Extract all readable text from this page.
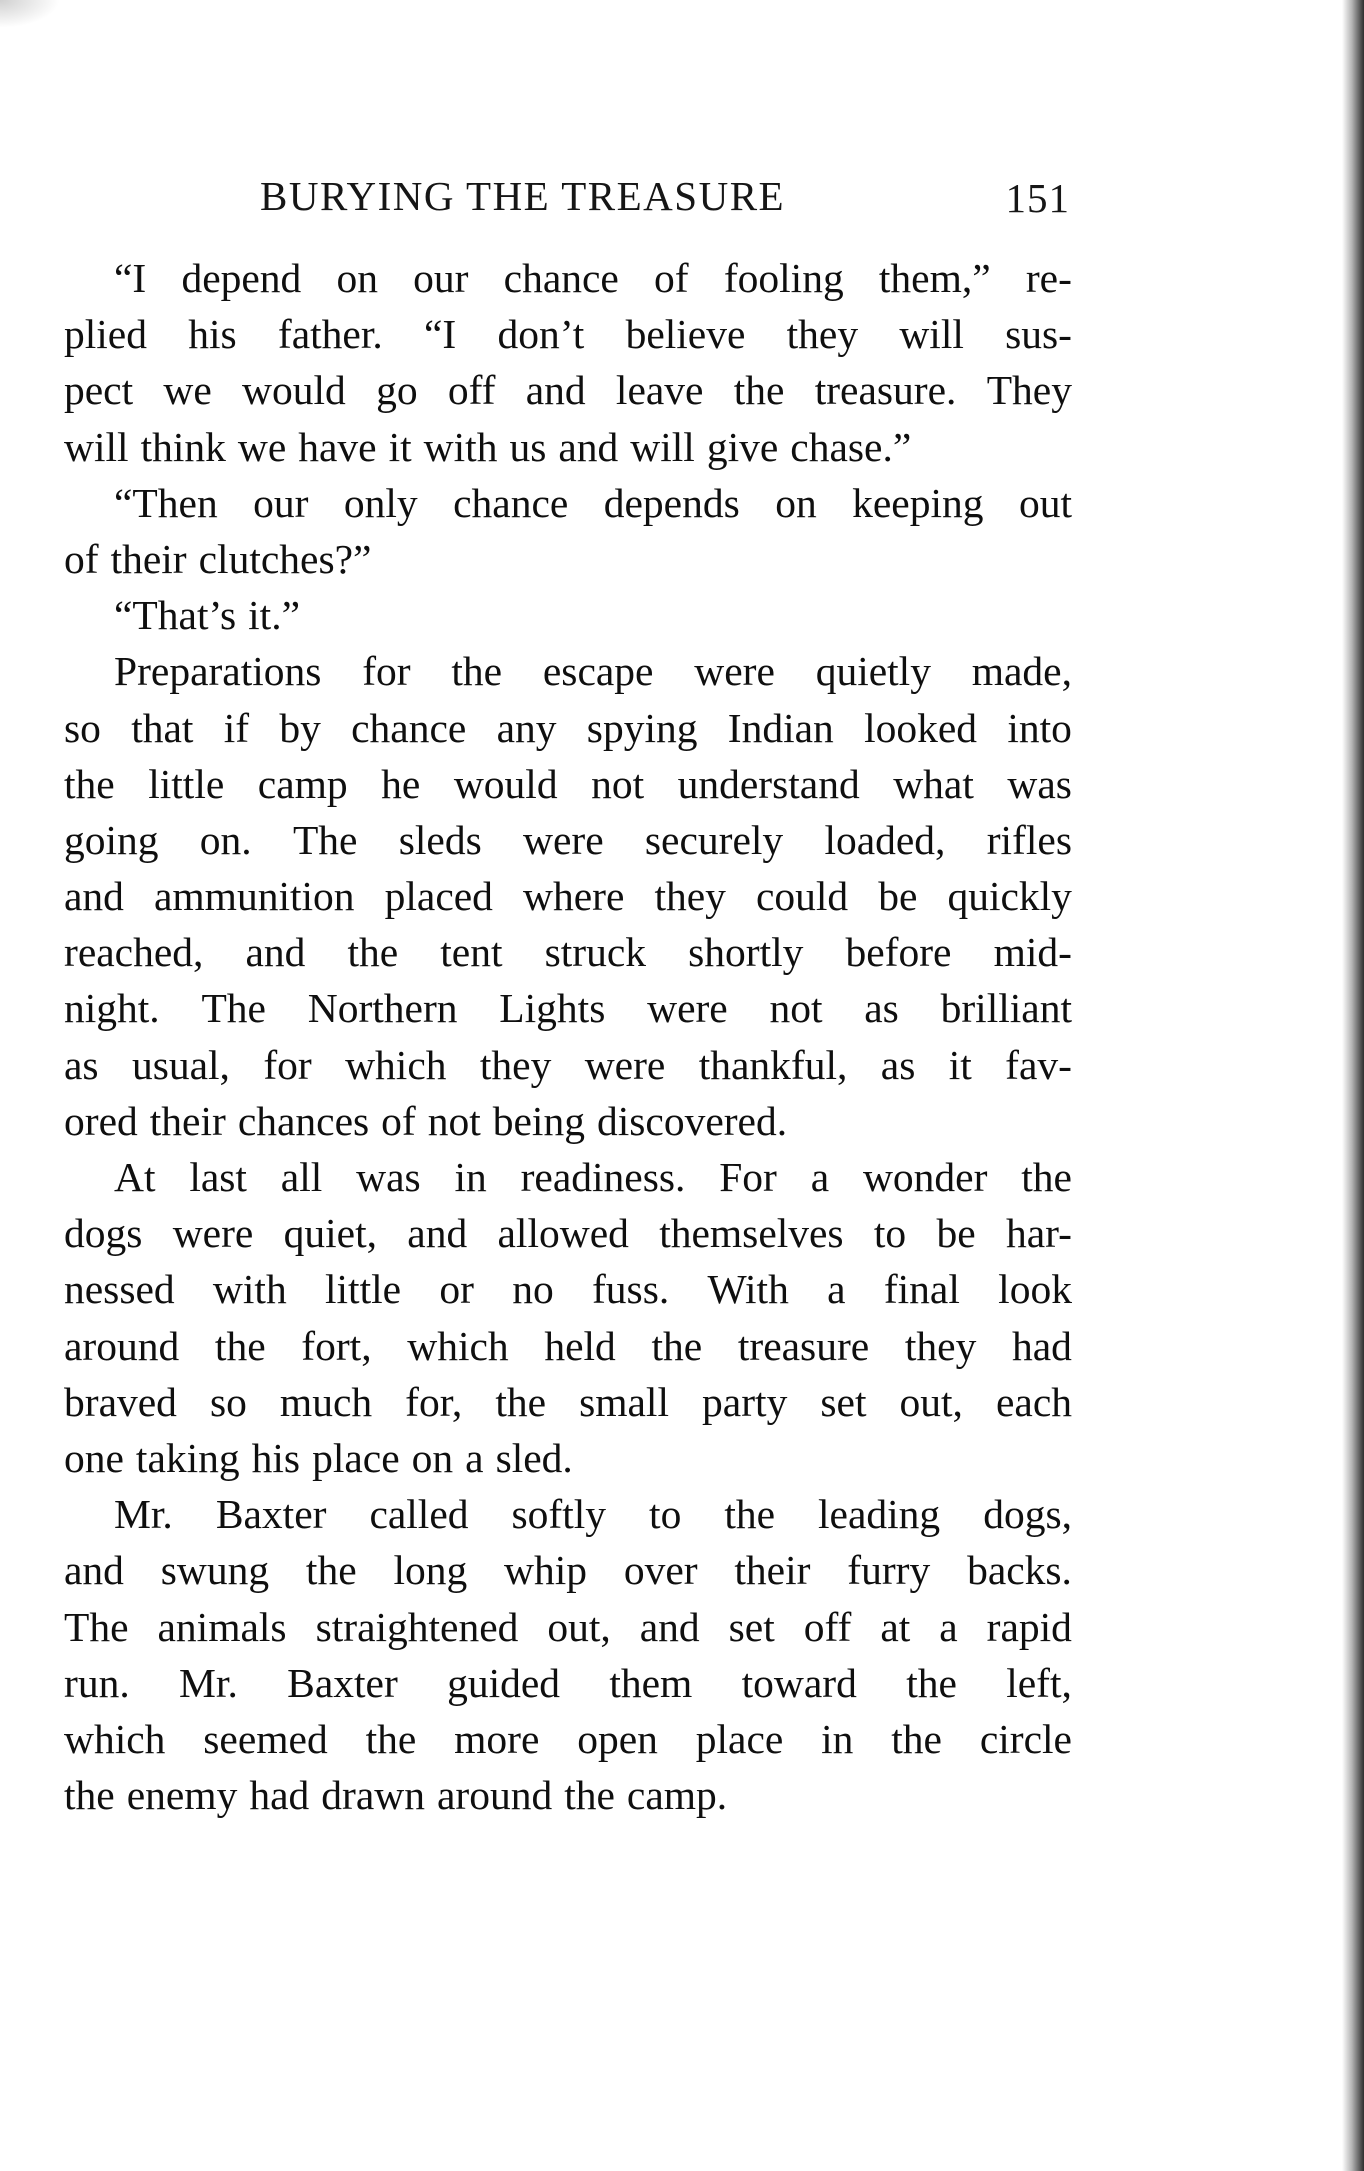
BURYING THE TREASURE	151
“I depend on our chance of fooling them,” re-
plied his father. “I don’t believe they will sus-
pect we would go off and leave the treasure. They
will think we have it with us and will give chase.”
“Then our only chance depends on keeping out
of their clutches?”
“That’s it.”
Preparations for the escape were quietly made,
so that if by chance any spying Indian looked into
the little camp he would not understand what was
going on. The sleds were securely loaded, rifles
and ammunition placed where they could be quickly
reached, and the tent struck shortly before mid-
night. The Northern Lights were not as brilliant
as usual, for which they were thankful, as it fav-
ored their chances of not being discovered.
At last all was in readiness. For a wonder the
dogs were quiet, and allowed themselves to be har-
nessed with little or no fuss. With a final look
around the fort, which held the treasure they had
braved so much for, the small party set out, each
one taking his place on a sled.
Mr. Baxter called softly to the leading dogs,
and swung the long whip over their furry backs.
The animals straightened out, and set off at a rapid
run. Mr. Baxter guided them toward the left,
which seemed the more open place in the circle
the enemy had drawn around the camp.
